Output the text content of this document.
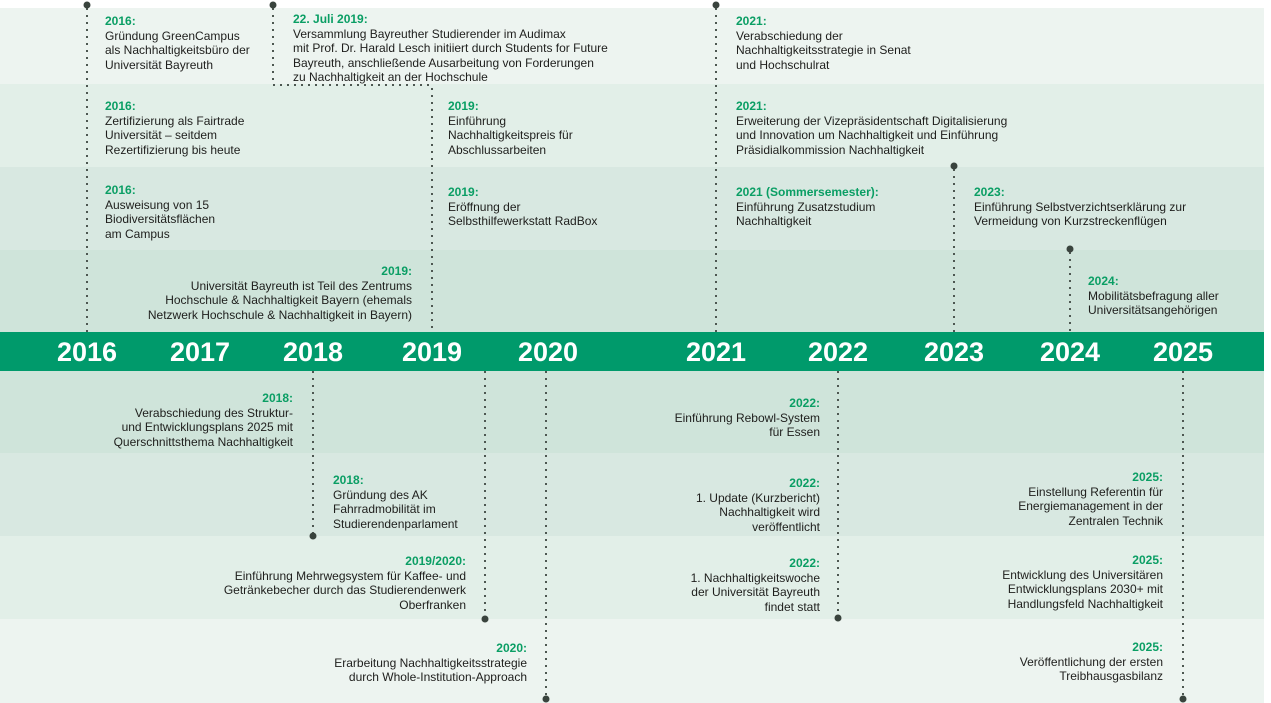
2016 2017 2018 2019 2020	2021 2022 2023 2024 2025
2016:
Gründung GreenCampus
als Nachhaltigkeitsbüro der
Universität Bayreuth
22. Juli 2019:
Versammlung Bayreuther Studierender im Audimax
mit Prof. Dr. Harald Lesch initiiert durch Students for Future
Bayreuth, anschließende Ausarbeitung von Forderungen
zu Nachhaltigkeit an der Hochschule
2021:
Verabschiedung der
Nachhaltigkeitsstrategie in Senat
und Hochschulrat
2016:
Zertifizierung als Fairtrade
Universität – seitdem
Rezertifizierung bis heute
2019:
Einführung
Nachhaltigkeitspreis für
Abschlussarbeiten
2021:
Erweiterung der Vizepräsidentschaft Digitalisierung
und Innovation um Nachhaltigkeit und Einführung
Präsidialkommission Nachhaltigkeit
2016:
Ausweisung von 15
Biodiversitätsflächen
am Campus
2019:
Eröffnung der
Selbsthilfewerkstatt RadBox
2021 (Sommersemester):
Einführung Zusatzstudium
Nachhaltigkeit
2023:
Einführung Selbstverzichtserklärung zur
Vermeidung von Kurzstreckenflügen
2019:
Universität Bayreuth ist Teil des Zentrums
Hochschule & Nachhaltigkeit Bayern (ehemals
Netzwerk Hochschule & Nachhaltigkeit in Bayern)
2024:
Mobilitätsbefragung aller
Universitätsangehörigen
2018:
Verabschiedung des Struktur-
und Entwicklungsplans 2025 mit
Querschnittsthema Nachhaltigkeit
2022:
Einführung Rebowl-System
für Essen
2018:
Gründung des AK
Fahrradmobilität im
Studierendenparlament
2022:
1. Update (Kurzbericht)
Nachhaltigkeit wird
veröffentlicht
2025:
Einstellung Referentin für
Energiemanagement in der
Zentralen Technik
2019/2020:
Einführung Mehrwegsystem für Kaffee- und
Getränkebecher durch das Studierendenwerk
Oberfranken
2022:
1. Nachhaltigkeitswoche
der Universität Bayreuth
findet statt
2025:
Entwicklung des Universitären
Entwicklungsplans 2030+ mit
Handlungsfeld Nachhaltigkeit
2020:
Erarbeitung Nachhaltigkeitsstrategie
durch Whole-Institution-Approach
2025:
Veröffentlichung der ersten
Treibhausgasbilanz
